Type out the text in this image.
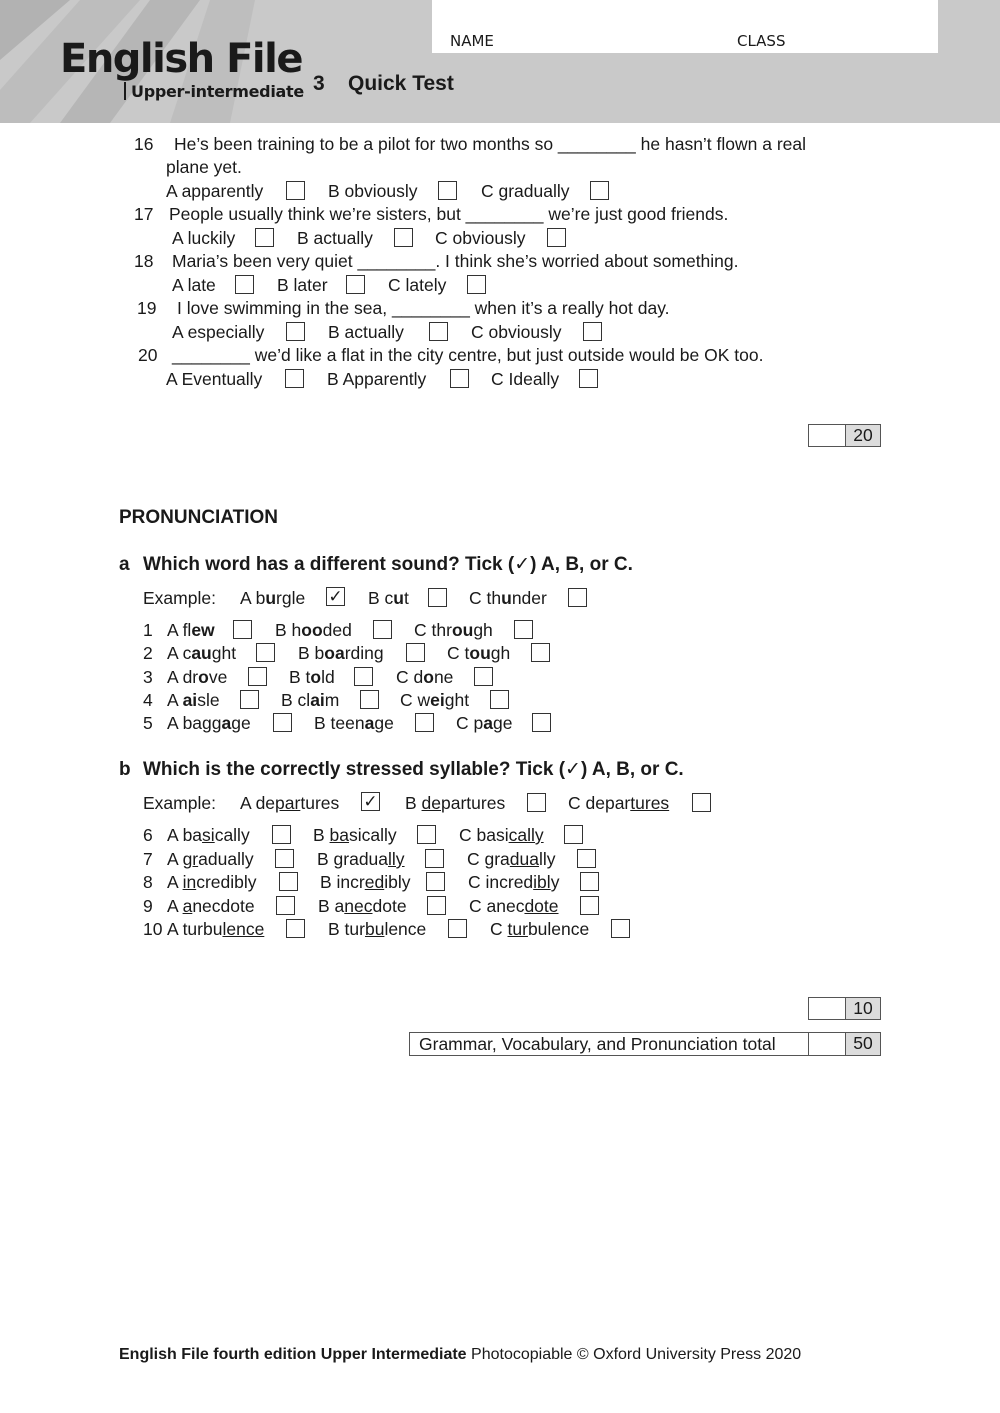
English File
Upper-intermediate 3 Quick Test
NAME	CLASS
16 He’s been training to be a pilot for two months so ________ he hasn’t flown a real
plane yet.
A apparently	B obviously	C gradually
17 People usually think we’re sisters, but ________ we’re just good friends.
A luckily	B actually	C obviously
18 Maria’s been very quiet ________. I think she’s worried about something.
A late	B later	C lately
19 I love swimming in the sea, ________ when it’s a really hot day.
A especially	B actually	C obviously
20 ________ we’d like a flat in the city centre, but just outside would be OK too.
A Eventually	B Apparently	C Ideally
20
PRONUNCIATION
a Which word has a different sound? Tick (✓) A, B, or C.
Example: A burgle ✓ B cut	C thunder
1 A flew	B hooded	C through
2 A caught	B boarding	C tough
3 A drove	B told	C done
4 A aisle	B claim	C weight
5 A baggage	B teenage	C page
b Which is the correctly stressed syllable? Tick (✓) A, B, or C.
Example: A departures ✓ B departures	C departures
6 A basically	B basically	C basically
7 A gradually	B gradually	C gradually
8 A incredibly	B incredibly	C incredibly
9 A anecdote	B anecdote	C anecdote
10 A turbulence	B turbulence	C turbulence
10
Grammar, Vocabulary, and Pronunciation total	50
English File fourth edition Upper Intermediate Photocopiable © Oxford University Press 2020
